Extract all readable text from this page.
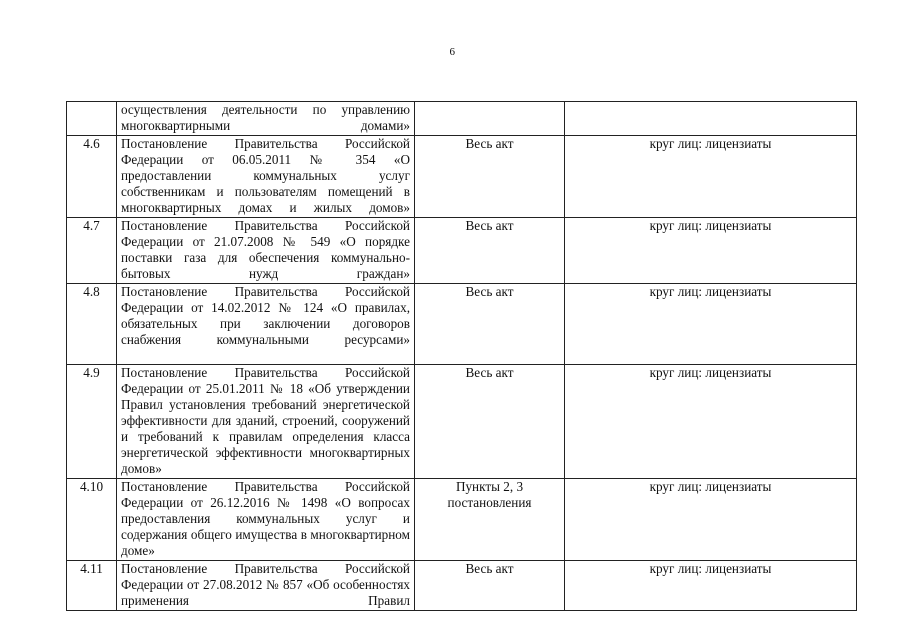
6

	осуществления деятельности по управлению многоквартирными домами»		

4.6	Постановление Правительства Российской Федерации от 06.05.2011 № 354 «О предоставлении коммунальных услуг собственникам и пользователям помещений в многоквартирных домах и жилых домов»	Весь акт	круг лиц: лицензиаты
4.7	Постановление Правительства Российской Федерации от 21.07.2008 № 549 «О порядке поставки газа для обеспечения коммунально-бытовых нужд граждан»	Весь акт	круг лиц: лицензиаты
4.8	Постановление Правительства Российской Федерации от 14.02.2012 № 124 «О правилах, обязательных при заключении договоров снабжения коммунальными ресурсами»	Весь акт	круг лиц: лицензиаты
4.9	Постановление Правительства Российской Федерации от 25.01.2011 № 18 «Об утверждении Правил установления требований энергетической эффективности для зданий, строений, сооружений и требований к правилам определения класса энергетической эффективности многоквартирных домов»	Весь акт	круг лиц: лицензиаты
4.10	Постановление Правительства Российской Федерации от 26.12.2016 № 1498 «О вопросах предоставления коммунальных услуг и содержания общего имущества в многоквартирном доме»	Пункты 2, 3 постановления	круг лиц: лицензиаты
4.11	Постановление Правительства Российской Федерации от 27.08.2012 № 857 «Об особенностях применения Правил	Весь акт	круг лиц: лицензиаты
